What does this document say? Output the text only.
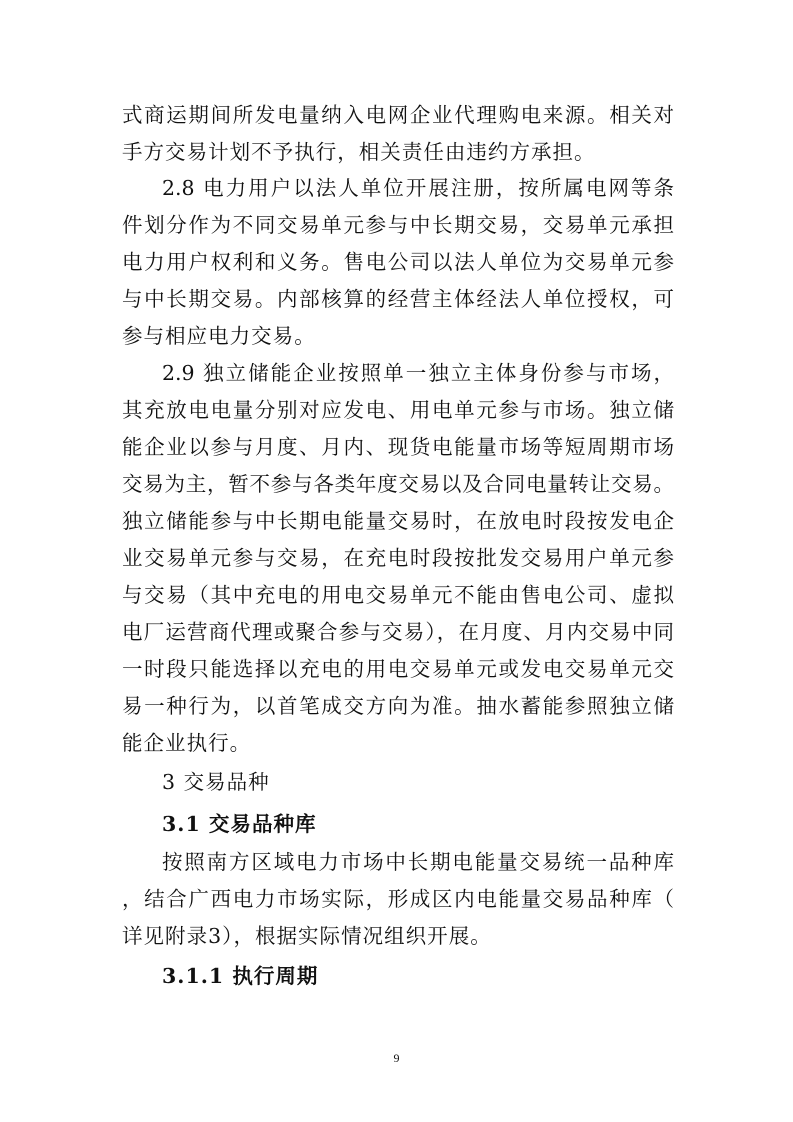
式商运期间所发电量纳入电网企业代理购电来源。相关对
手方交易计划不予执行，相关责任由违约方承担。
2.8 电力用户以法人单位开展注册，按所属电网等条
件划分作为不同交易单元参与中长期交易，交易单元承担
电力用户权利和义务。售电公司以法人单位为交易单元参
与中长期交易。内部核算的经营主体经法人单位授权，可
参与相应电力交易。
2.9 独立储能企业按照单一独立主体身份参与市场，
其充放电电量分别对应发电、用电单元参与市场。独立储
能企业以参与月度、月内、现货电能量市场等短周期市场
交易为主，暂不参与各类年度交易以及合同电量转让交易。
独立储能参与中长期电能量交易时，在放电时段按发电企
业交易单元参与交易，在充电时段按批发交易用户单元参
与交易（其中充电的用电交易单元不能由售电公司、虚拟
电厂运营商代理或聚合参与交易），在月度、月内交易中同
一时段只能选择以充电的用电交易单元或发电交易单元交
易一种行为，以首笔成交方向为准。抽水蓄能参照独立储
能企业执行。
3 交易品种
3.1 交易品种库
按照南方区域电力市场中长期电能量交易统一品种库
，结合广西电力市场实际，形成区内电能量交易品种库（
详见附录3），根据实际情况组织开展。
3.1.1 执行周期
9
